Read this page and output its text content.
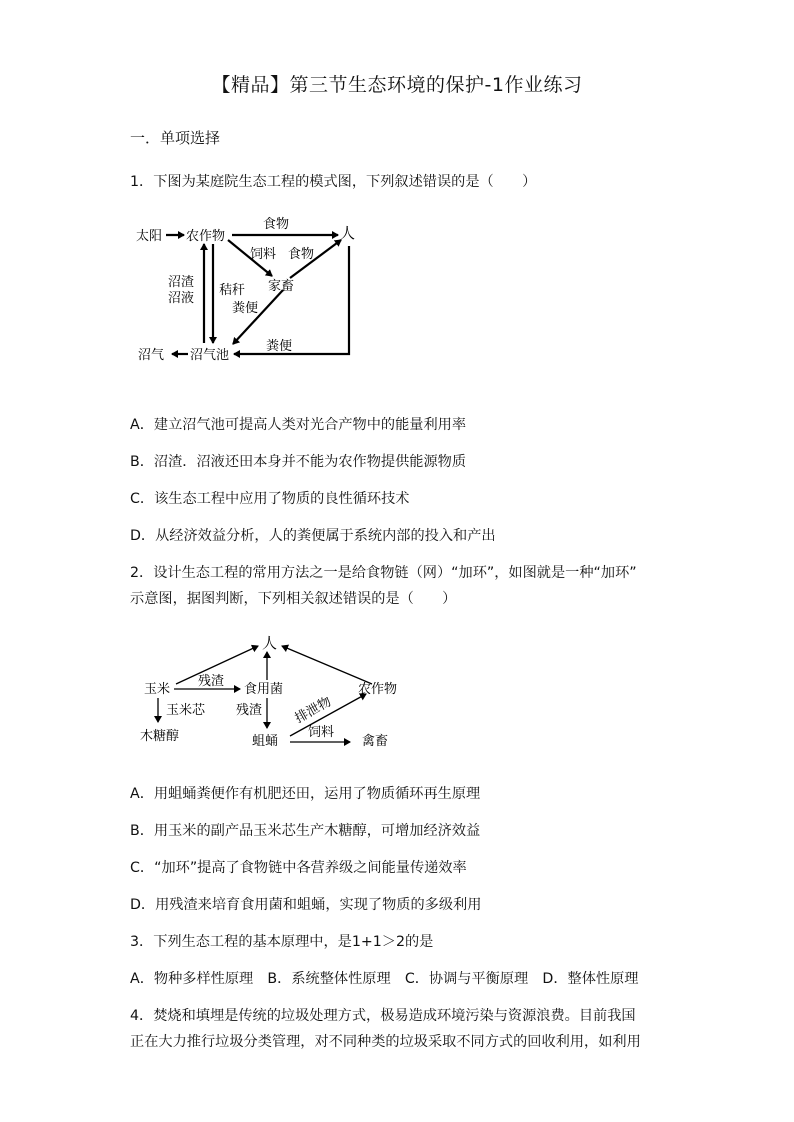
【精品】第三节生态环境的保护-1作业练习
一．单项选择
1．下图为某庭院生态工程的模式图，下列叙述错误的是（　　）
太阳 农作物	人
家畜
沼气池
沼气
食物
饲料 食物
沼渣
沼液
秸秆
粪便
粪便
A．建立沼气池可提高人类对光合产物中的能量利用率
B．沼渣．沼液还田本身并不能为农作物提供能源物质
C．该生态工程中应用了物质的良性循环技术
D．从经济效益分析，人的粪便属于系统内部的投入和产出
2．设计生态工程的常用方法之一是给食物链（网）“加环”，如图就是一种“加环”
示意图，据图判断，下列相关叙述错误的是（　　）
人
玉米	食用菌	农作物
木糖醇	蛆蛹	禽畜
残渣
玉米芯 残渣 排泄物
饲料
A．用蛆蛹粪便作有机肥还田，运用了物质循环再生原理
B．用玉米的副产品玉米芯生产木糖醇，可增加经济效益
C．“加环”提高了食物链中各营养级之间能量传递效率
D．用残渣来培育食用菌和蛆蛹，实现了物质的多级利用
3．下列生态工程的基本原理中，是1+1＞2的是
A．物种多样性原理　B．系统整体性原理　C．协调与平衡原理　D．整体性原理
4．焚烧和填埋是传统的垃圾处理方式，极易造成环境污染与资源浪费。目前我国
正在大力推行垃圾分类管理，对不同种类的垃圾采取不同方式的回收利用，如利用
